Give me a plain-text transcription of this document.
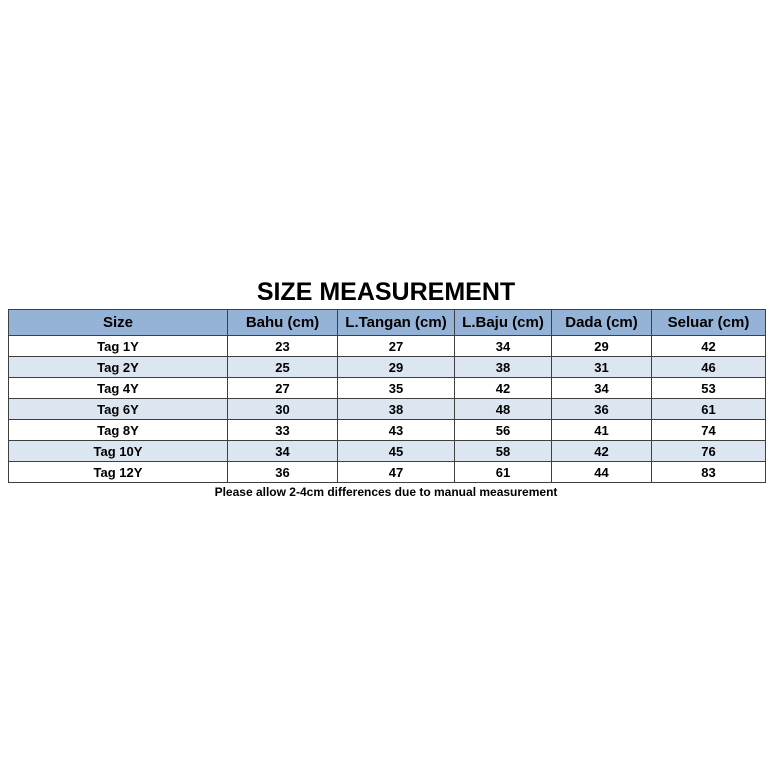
SIZE MEASUREMENT
Size	Bahu (cm)	L.Tangan (cm)	L.Baju (cm)	Dada (cm)	Seluar (cm)
Tag 1Y	23	27	34	29	42
Tag 2Y	25	29	38	31	46
Tag 4Y	27	35	42	34	53
Tag 6Y	30	38	48	36	61
Tag 8Y	33	43	56	41	74
Tag 10Y	34	45	58	42	76
Tag 12Y	36	47	61	44	83
Please allow 2-4cm differences due to manual measurement
